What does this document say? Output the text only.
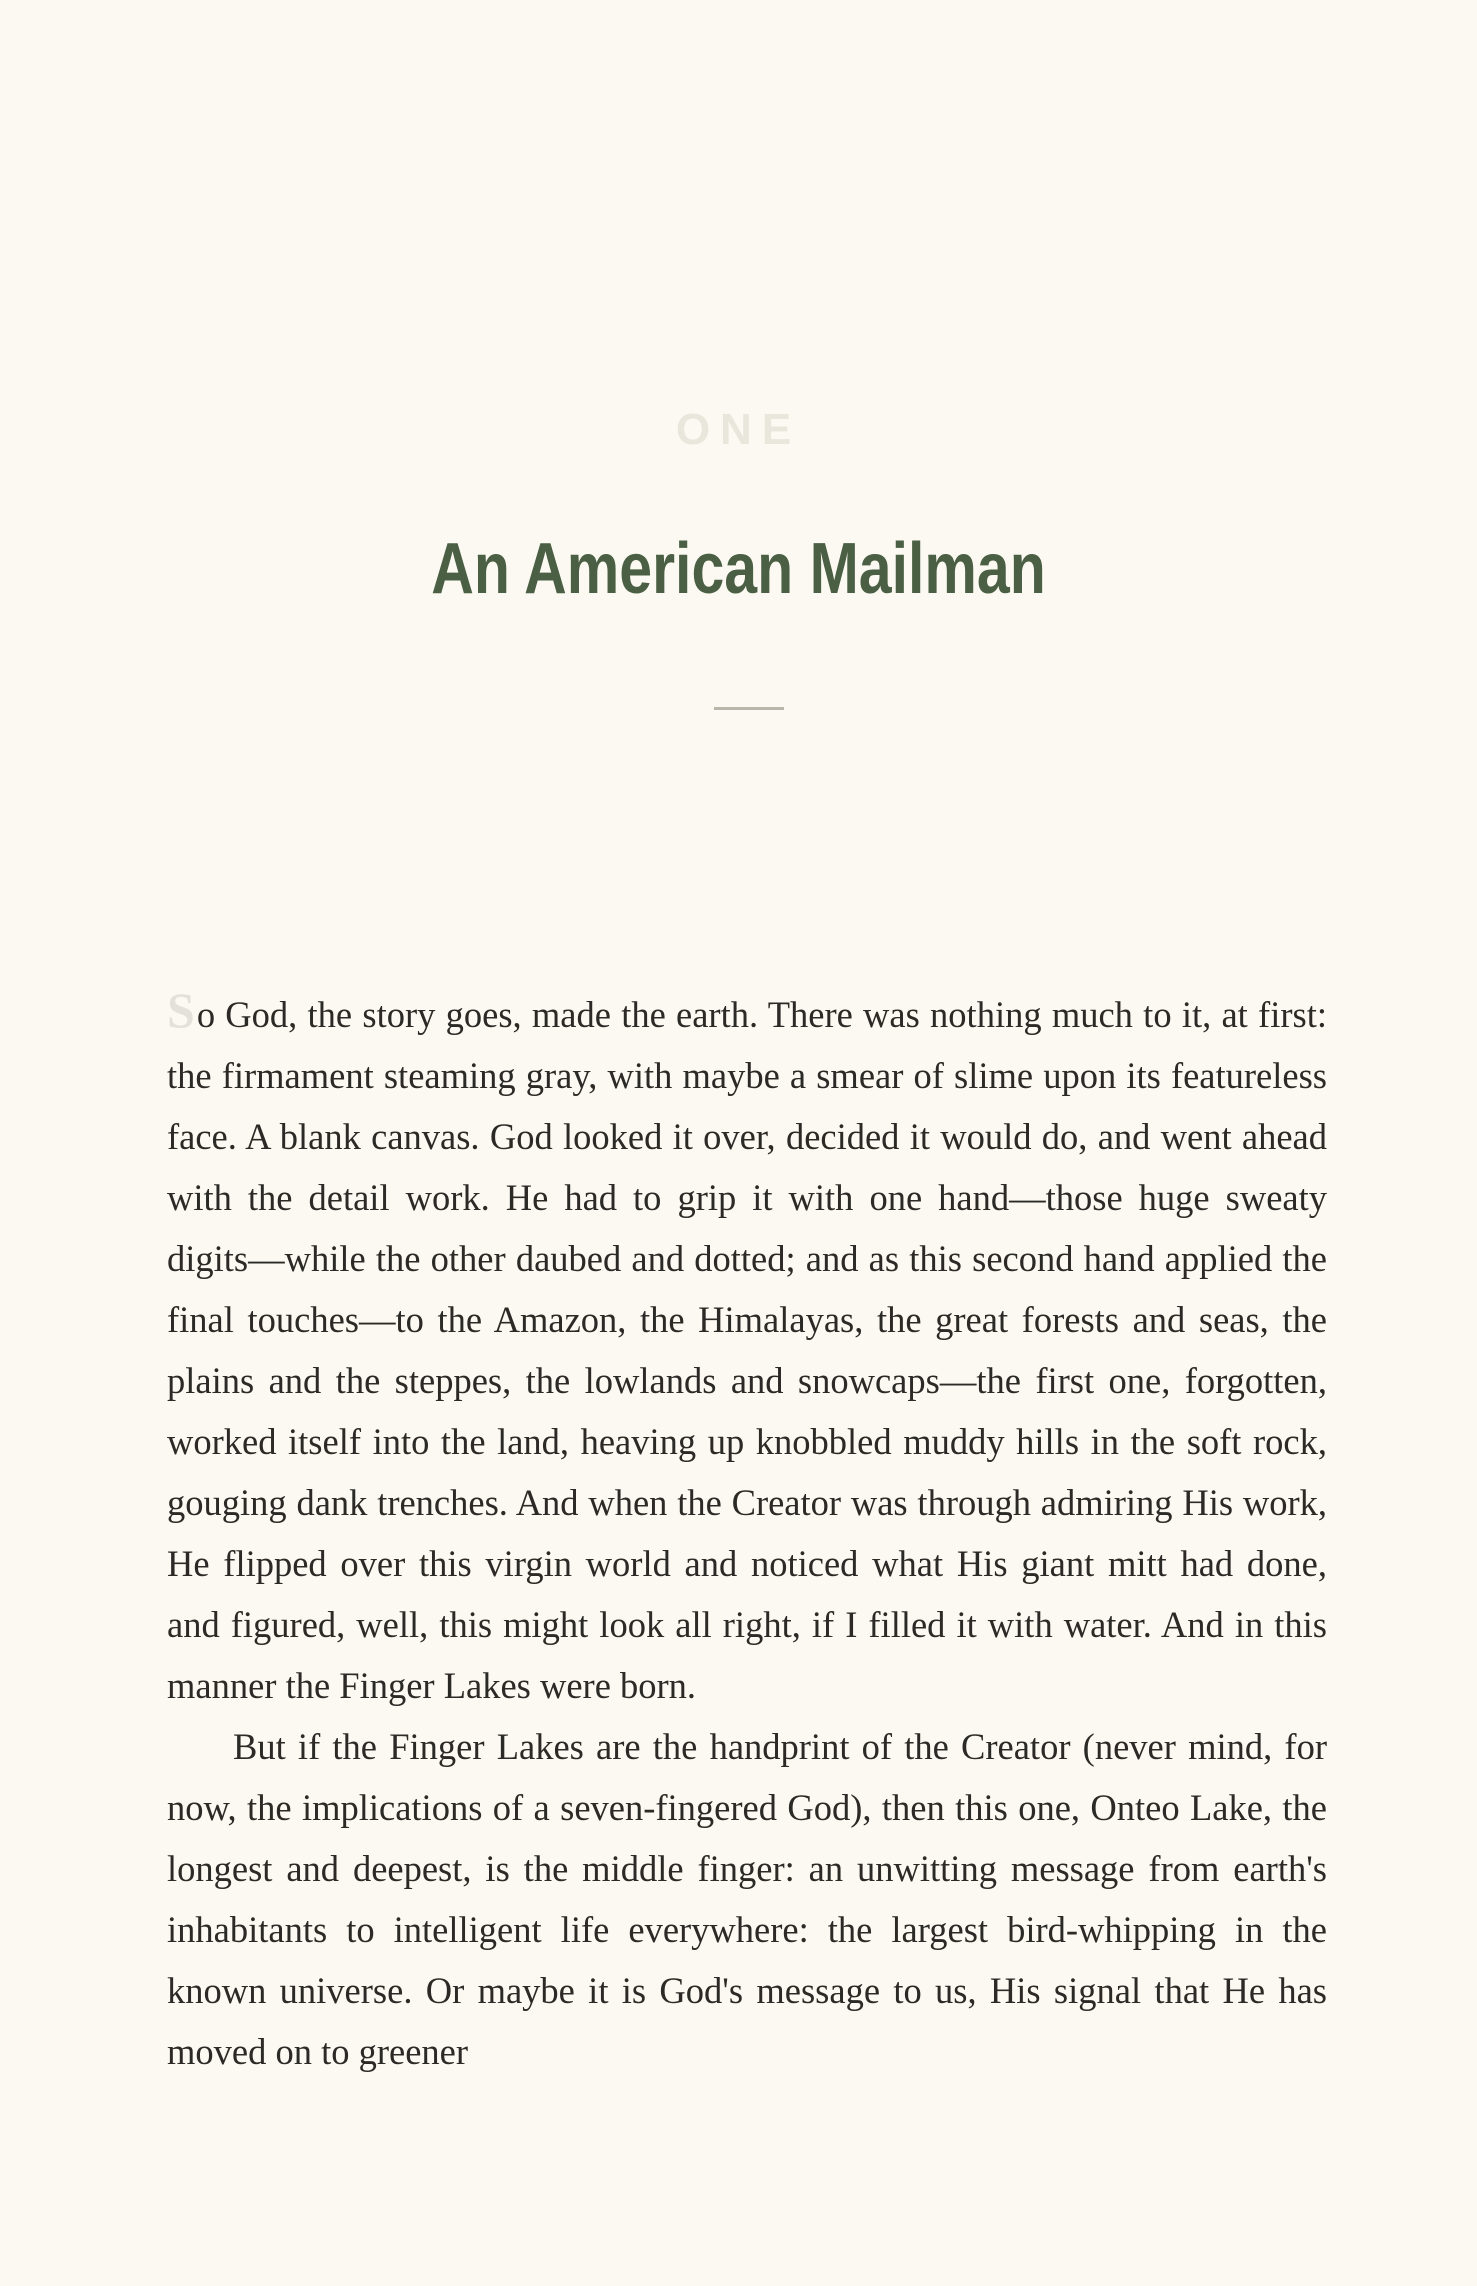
ONE
An American Mailman

So God, the story goes, made the earth. There was nothing much to it, at first: the firmament steaming gray, with maybe a smear of slime upon its featureless face. A blank canvas. God looked it over, decided it would do, and went ahead with the detail work. He had to grip it with one hand—those huge sweaty digits—while the other daubed and dotted; and as this second hand applied the final touches—to the Amazon, the Himalayas, the great forests and seas, the plains and the steppes, the lowlands and snowcaps—the first one, forgotten, worked itself into the land, heaving up knobbled muddy hills in the soft rock, gouging dank trenches. And when the Creator was through admiring His work, He flipped over this virgin world and noticed what His giant mitt had done, and figured, well, this might look all right, if I filled it with water. And in this manner the Finger Lakes were born.

But if the Finger Lakes are the handprint of the Creator (never mind, for now, the implications of a seven-fingered God), then this one, Onteo Lake, the longest and deepest, is the middle finger: an unwitting message from earth's inhabitants to intelligent life everywhere: the largest bird-whipping in the known universe. Or maybe it is God's message to us, His signal that He has moved on to greener
